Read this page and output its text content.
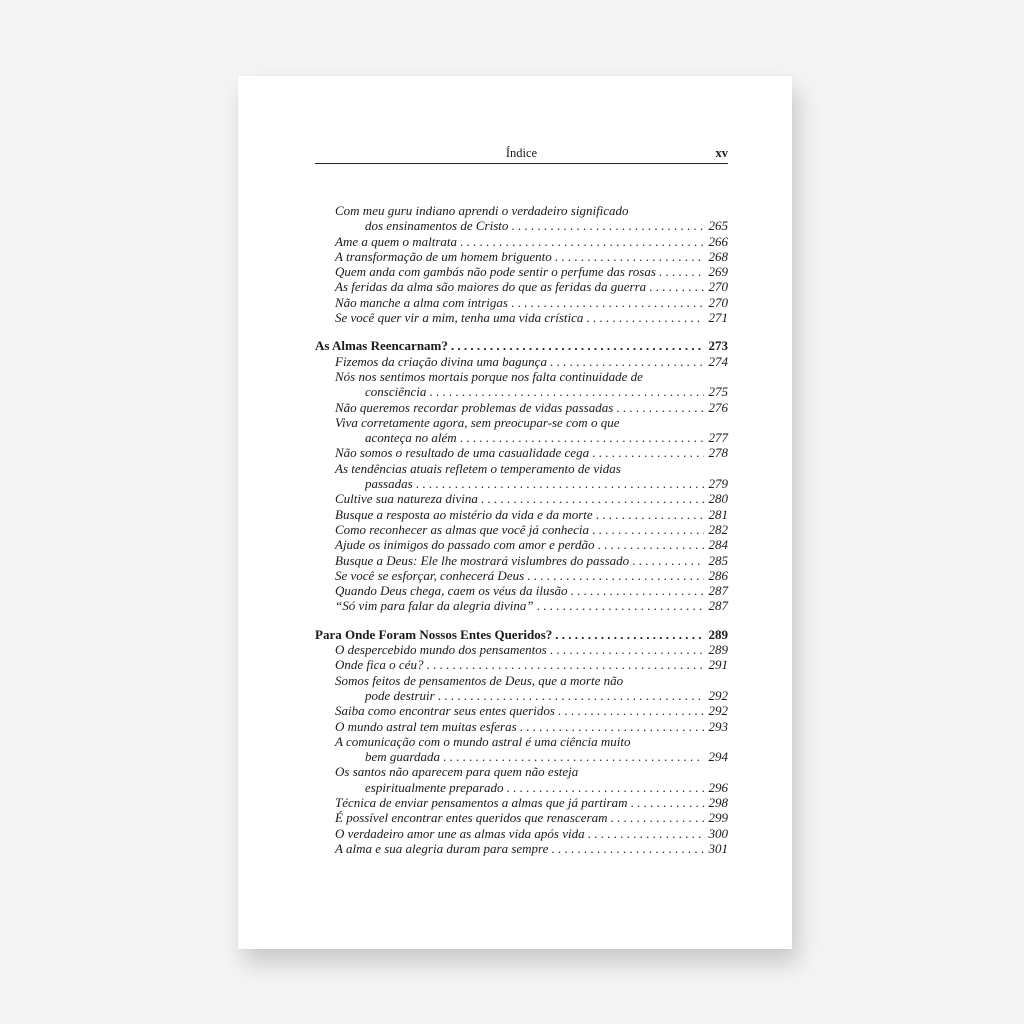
Índice	xv
Com meu guru indiano aprendi o verdadeiro significado
dos ensinamentos de Cristo . . .	265
Ame a quem o maltrata . . .	266
A transformação de um homem briguento . . .	268
Quem anda com gambás não pode sentir o perfume das rosas . . .	269
As feridas da alma são maiores do que as feridas da guerra . . .	270
Não manche a alma com intrigas . . .	270
Se você quer vir a mim, tenha uma vida crística . . .	271
As Almas Reencarnam? . . .	273
Fizemos da criação divina uma bagunça . . .	274
Nós nos sentimos mortais porque nos falta continuidade de
consciência . . .	275
Não queremos recordar problemas de vidas passadas . . .	276
Viva corretamente agora, sem preocupar-se com o que
aconteça no além . . .	277
Não somos o resultado de uma casualidade cega . . .	278
As tendências atuais refletem o temperamento de vidas
passadas . . .	279
Cultive sua natureza divina . . .	280
Busque a resposta ao mistério da vida e da morte . . .	281
Como reconhecer as almas que você já conhecia . . .	282
Ajude os inimigos do passado com amor e perdão . . .	284
Busque a Deus: Ele lhe mostrará vislumbres do passado . . .	285
Se você se esforçar, conhecerá Deus . . .	286
Quando Deus chega, caem os véus da ilusão . . .	287
“Só vim para falar da alegria divina” . . .	287
Para Onde Foram Nossos Entes Queridos? . . .	289
O despercebido mundo dos pensamentos . . .	289
Onde fica o céu? . . .	291
Somos feitos de pensamentos de Deus, que a morte não
pode destruir . . .	292
Saiba como encontrar seus entes queridos . . .	292
O mundo astral tem muitas esferas . . .	293
A comunicação com o mundo astral é uma ciência muito
bem guardada . . .	294
Os santos não aparecem para quem não esteja
espiritualmente preparado . . .	296
Técnica de enviar pensamentos a almas que já partiram . . .	298
É possível encontrar entes queridos que renasceram . . .	299
O verdadeiro amor une as almas vida após vida . . .	300
A alma e sua alegria duram para sempre . . .	301
